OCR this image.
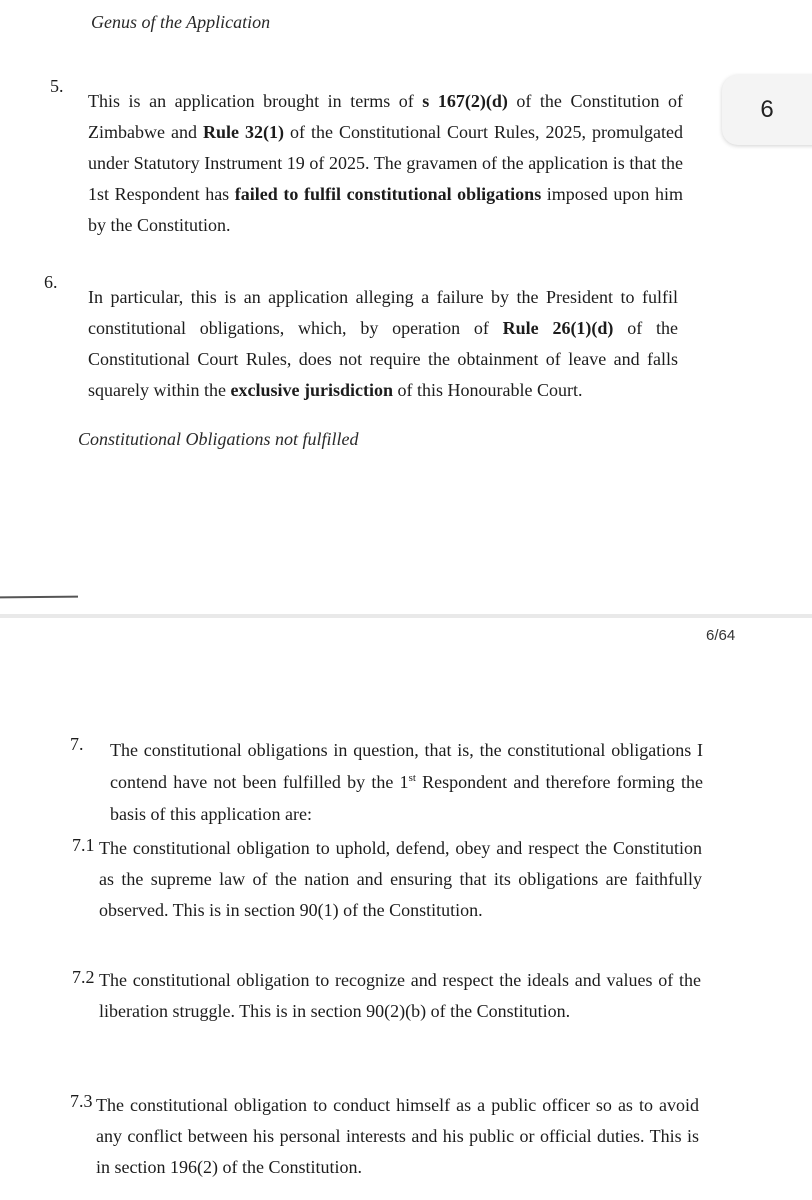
Genus of the Application
5.

This is an application brought in terms of s 167(2)(d) of the Constitution of Zimbabwe and Rule 32(1) of the Constitutional Court Rules, 2025, promulgated under Statutory Instrument 19 of 2025. The gravamen of the application is that the 1st Respondent has failed to fulfil constitutional obligations imposed upon him by the Constitution.

6.

In particular, this is an application alleging a failure by the President to fulfil constitutional obligations, which, by operation of Rule 26(1)(d) of the Constitutional Court Rules, does not require the obtainment of leave and falls squarely within the exclusive jurisdiction of this Honourable Court.

Constitutional Obligations not fulfilled
6
6/64
7. The constitutional obligations in question, that is, the constitutional obligations I contend have not been fulfilled by the 1st Respondent and therefore forming the basis of this application are:

7.1 The constitutional obligation to uphold, defend, obey and respect the Constitution as the supreme law of the nation and ensuring that its obligations are faithfully observed. This is in section 90(1) of the Constitution.
7.2 The constitutional obligation to recognize and respect the ideals and values of the liberation struggle. This is in section 90(2)(b) of the Constitution.
7.3 The constitutional obligation to conduct himself as a public officer so as to avoid any conflict between his personal interests and his public or official duties. This is in section 196(2) of the Constitution.
